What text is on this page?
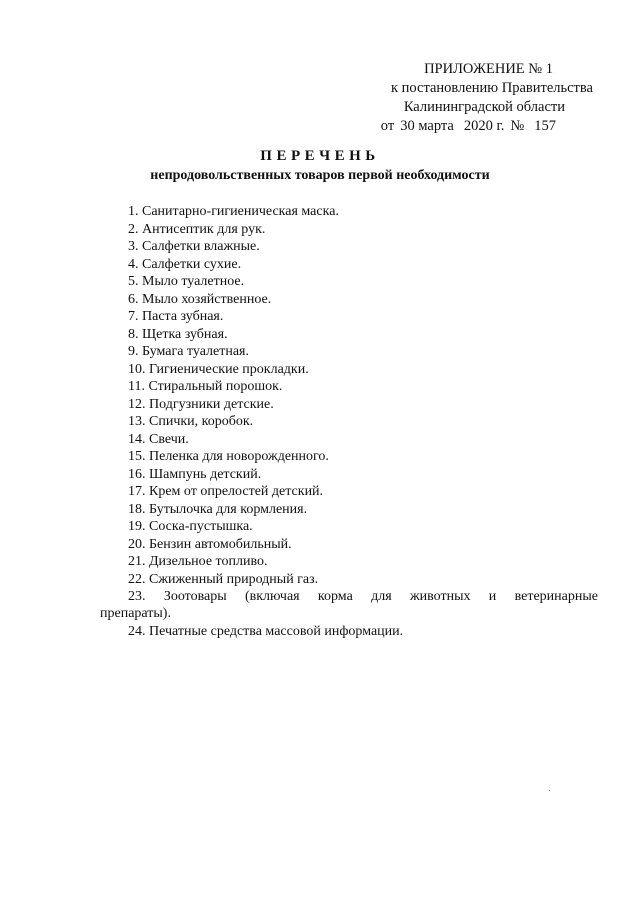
ПРИЛОЖЕНИЕ № 1
к постановлению Правительства
Калининградской области
от 30 марта 2020 г. № 157
ПЕРЕЧЕНЬ
непродовольственных товаров первой необходимости
1. Санитарно-гигиеническая маска.
2. Антисептик для рук.
3. Салфетки влажные.
4. Салфетки сухие.
5. Мыло туалетное.
6. Мыло хозяйственное.
7. Паста зубная.
8. Щетка зубная.
9. Бумага туалетная.
10. Гигиенические прокладки.
11. Стиральный порошок.
12. Подгузники детские.
13. Спички, коробок.
14. Свечи.
15. Пеленка для новорожденного.
16. Шампунь детский.
17. Крем от опрелостей детский.
18. Бутылочка для кормления.
19. Соска-пустышка.
20. Бензин автомобильный.
21. Дизельное топливо.
22. Сжиженный природный газ.
23. Зоотовары (включая корма для животных и ветеринарные
24. Печатные средства массовой информации.
препараты).
